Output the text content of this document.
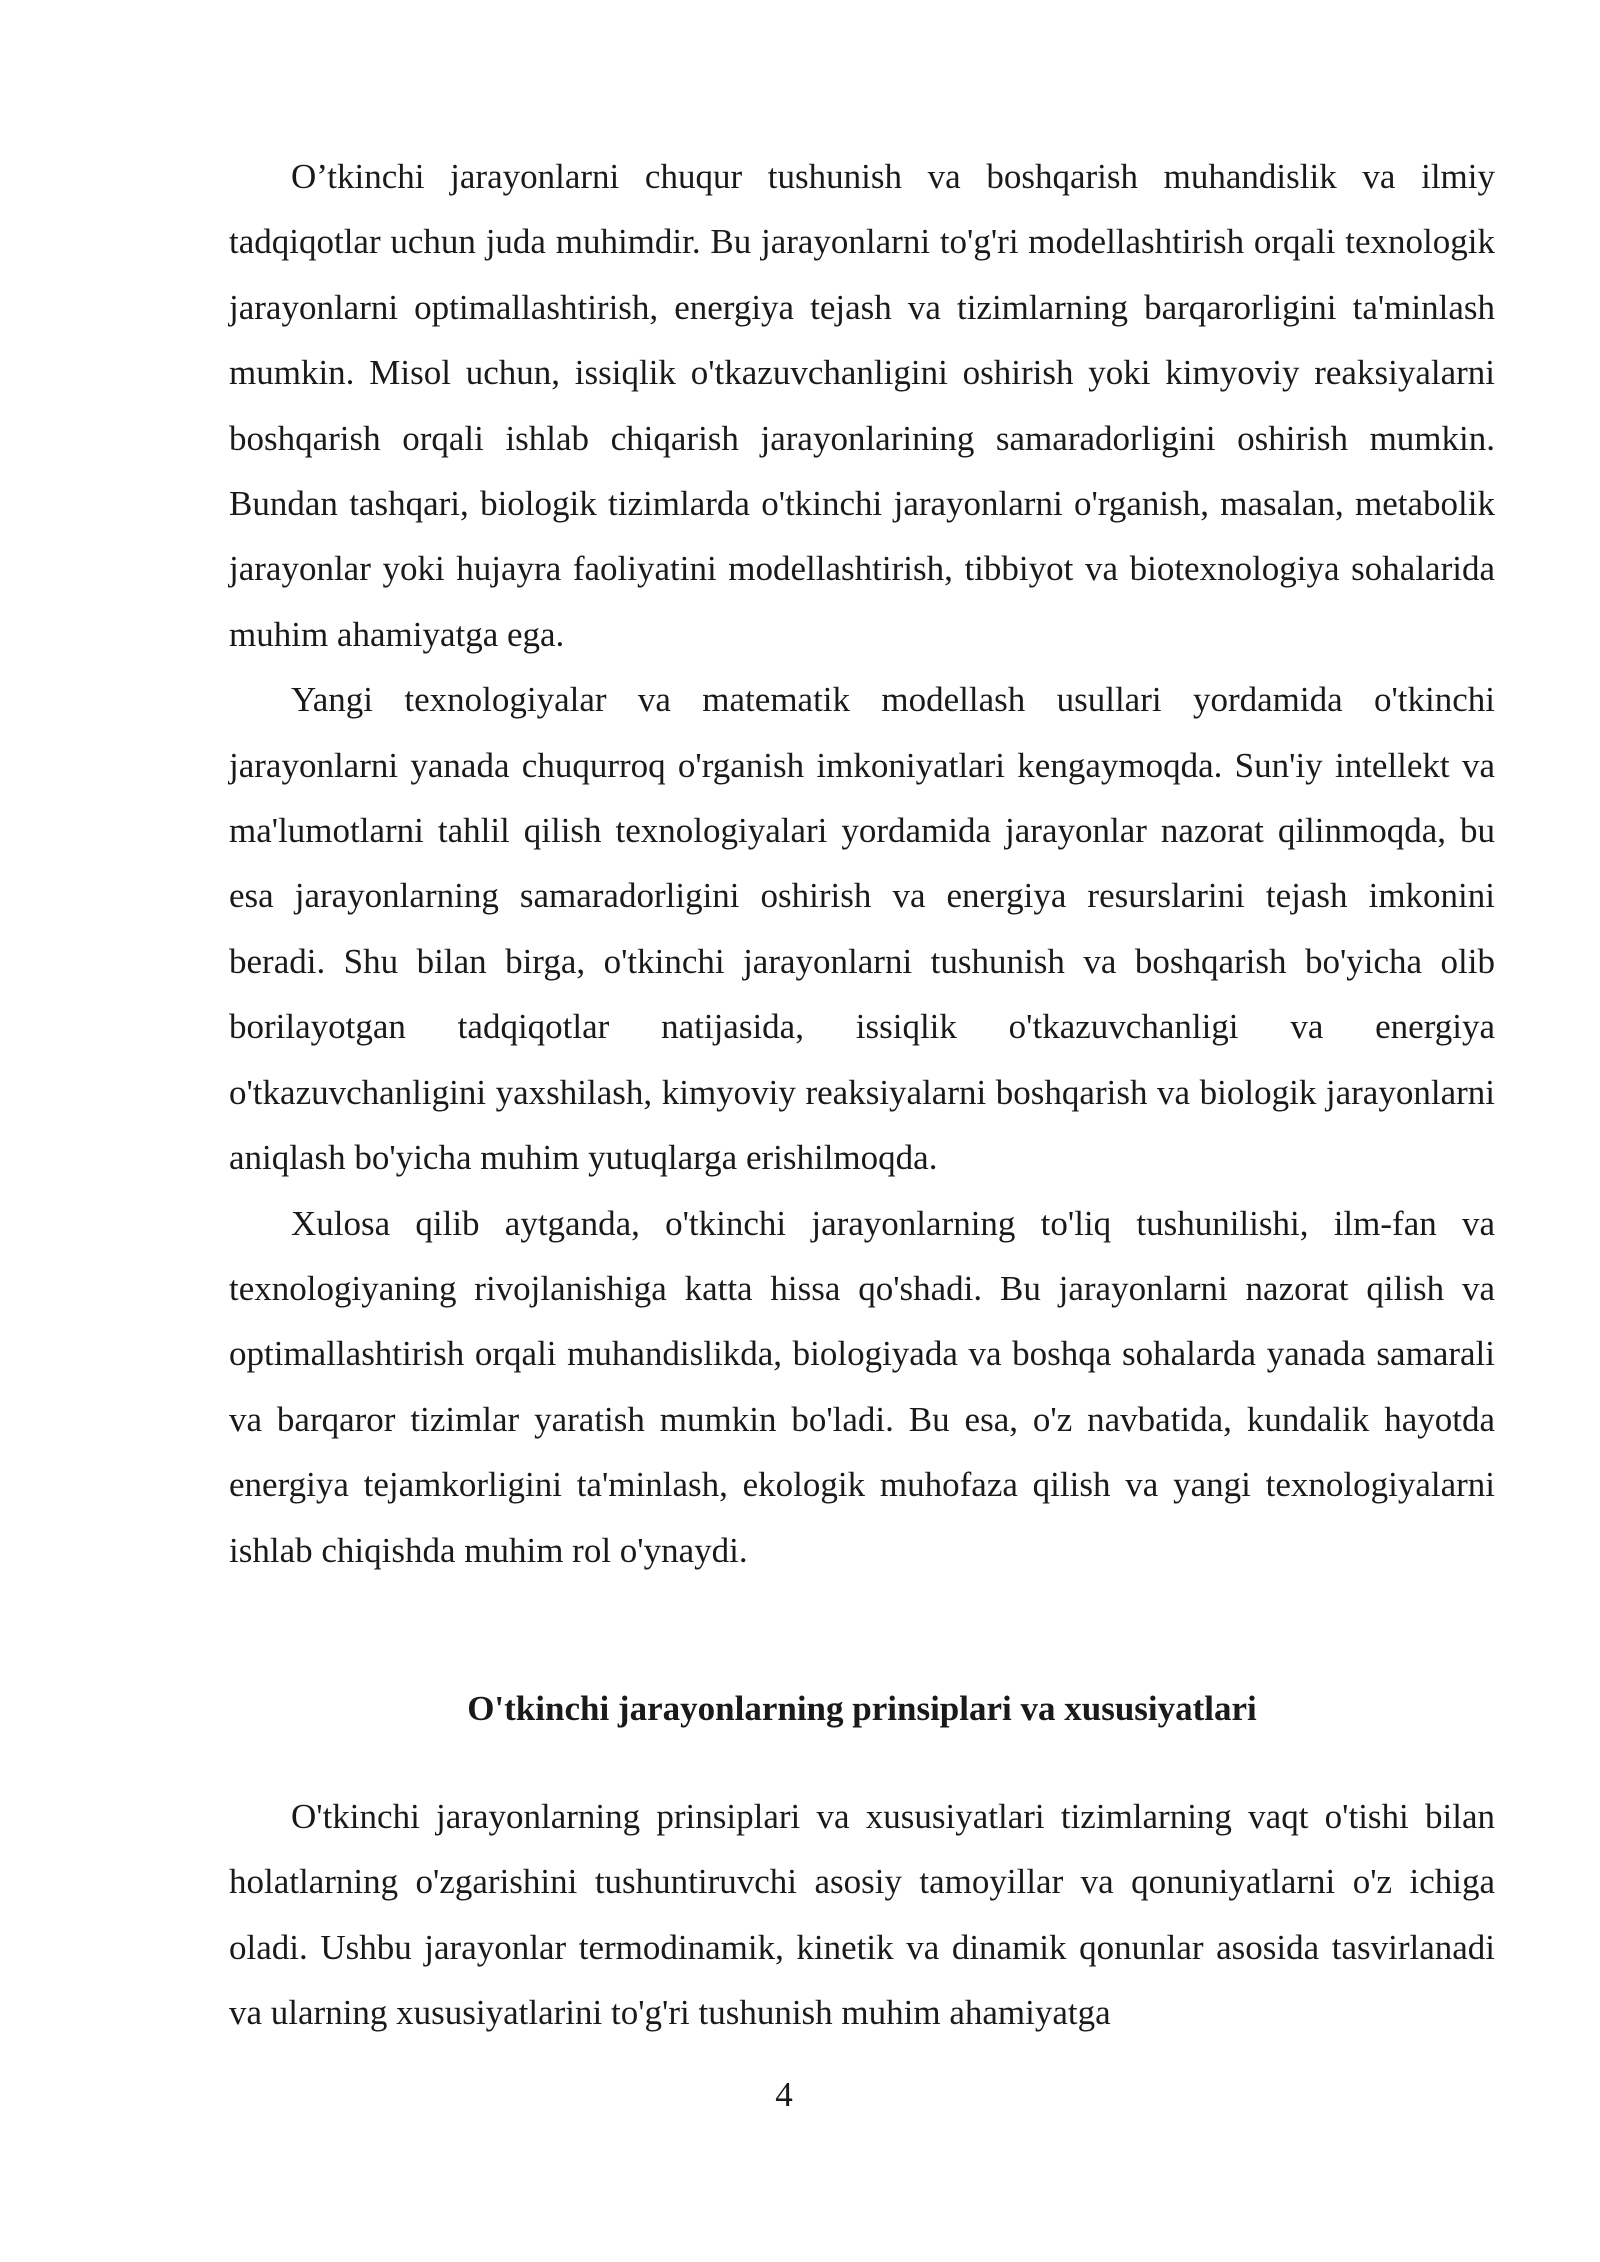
O’tkinchi jarayonlarni chuqur tushunish va boshqarish muhandislik va ilmiy tadqiqotlar uchun juda muhimdir. Bu jarayonlarni to'g'ri modellashtirish orqali texnologik jarayonlarni optimallashtirish, energiya tejash va tizimlarning barqarorligini ta'minlash mumkin. Misol uchun, issiqlik o'tkazuvchanligini oshirish yoki kimyoviy reaksiyalarni boshqarish orqali ishlab chiqarish jarayonlarining samaradorligini oshirish mumkin. Bundan tashqari, biologik tizimlarda o'tkinchi jarayonlarni o'rganish, masalan, metabolik jarayonlar yoki hujayra faoliyatini modellashtirish, tibbiyot va biotexnologiya sohalarida muhim ahamiyatga ega.

Yangi texnologiyalar va matematik modellash usullari yordamida o'tkinchi jarayonlarni yanada chuqurroq o'rganish imkoniyatlari kengaymoqda. Sun'iy intellekt va ma'lumotlarni tahlil qilish texnologiyalari yordamida jarayonlar nazorat qilinmoqda, bu esa jarayonlarning samaradorligini oshirish va energiya resurslarini tejash imkonini beradi. Shu bilan birga, o'tkinchi jarayonlarni tushunish va boshqarish bo'yicha olib borilayotgan tadqiqotlar natijasida, issiqlik o'tkazuvchanligi va energiya o'tkazuvchanligini yaxshilash, kimyoviy reaksiyalarni boshqarish va biologik jarayonlarni aniqlash bo'yicha muhim yutuqlarga erishilmoqda.

Xulosa qilib aytganda, o'tkinchi jarayonlarning to'liq tushunilishi, ilm-fan va texnologiyaning rivojlanishiga katta hissa qo'shadi. Bu jarayonlarni nazorat qilish va optimallashtirish orqali muhandislikda, biologiyada va boshqa sohalarda yanada samarali va barqaror tizimlar yaratish mumkin bo'ladi. Bu esa, o'z navbatida, kundalik hayotda energiya tejamkorligini ta'minlash, ekologik muhofaza qilish va yangi texnologiyalarni ishlab chiqishda muhim rol o'ynaydi.

O'tkinchi jarayonlarning prinsiplari va xususiyatlari

O'tkinchi jarayonlarning prinsiplari va xususiyatlari tizimlarning vaqt o'tishi bilan holatlarning o'zgarishini tushuntiruvchi asosiy tamoyillar va qonuniyatlarni o'z ichiga oladi. Ushbu jarayonlar termodinamik, kinetik va dinamik qonunlar asosida tasvirlanadi va ularning xususiyatlarini to'g'ri tushunish muhim ahamiyatga

4
